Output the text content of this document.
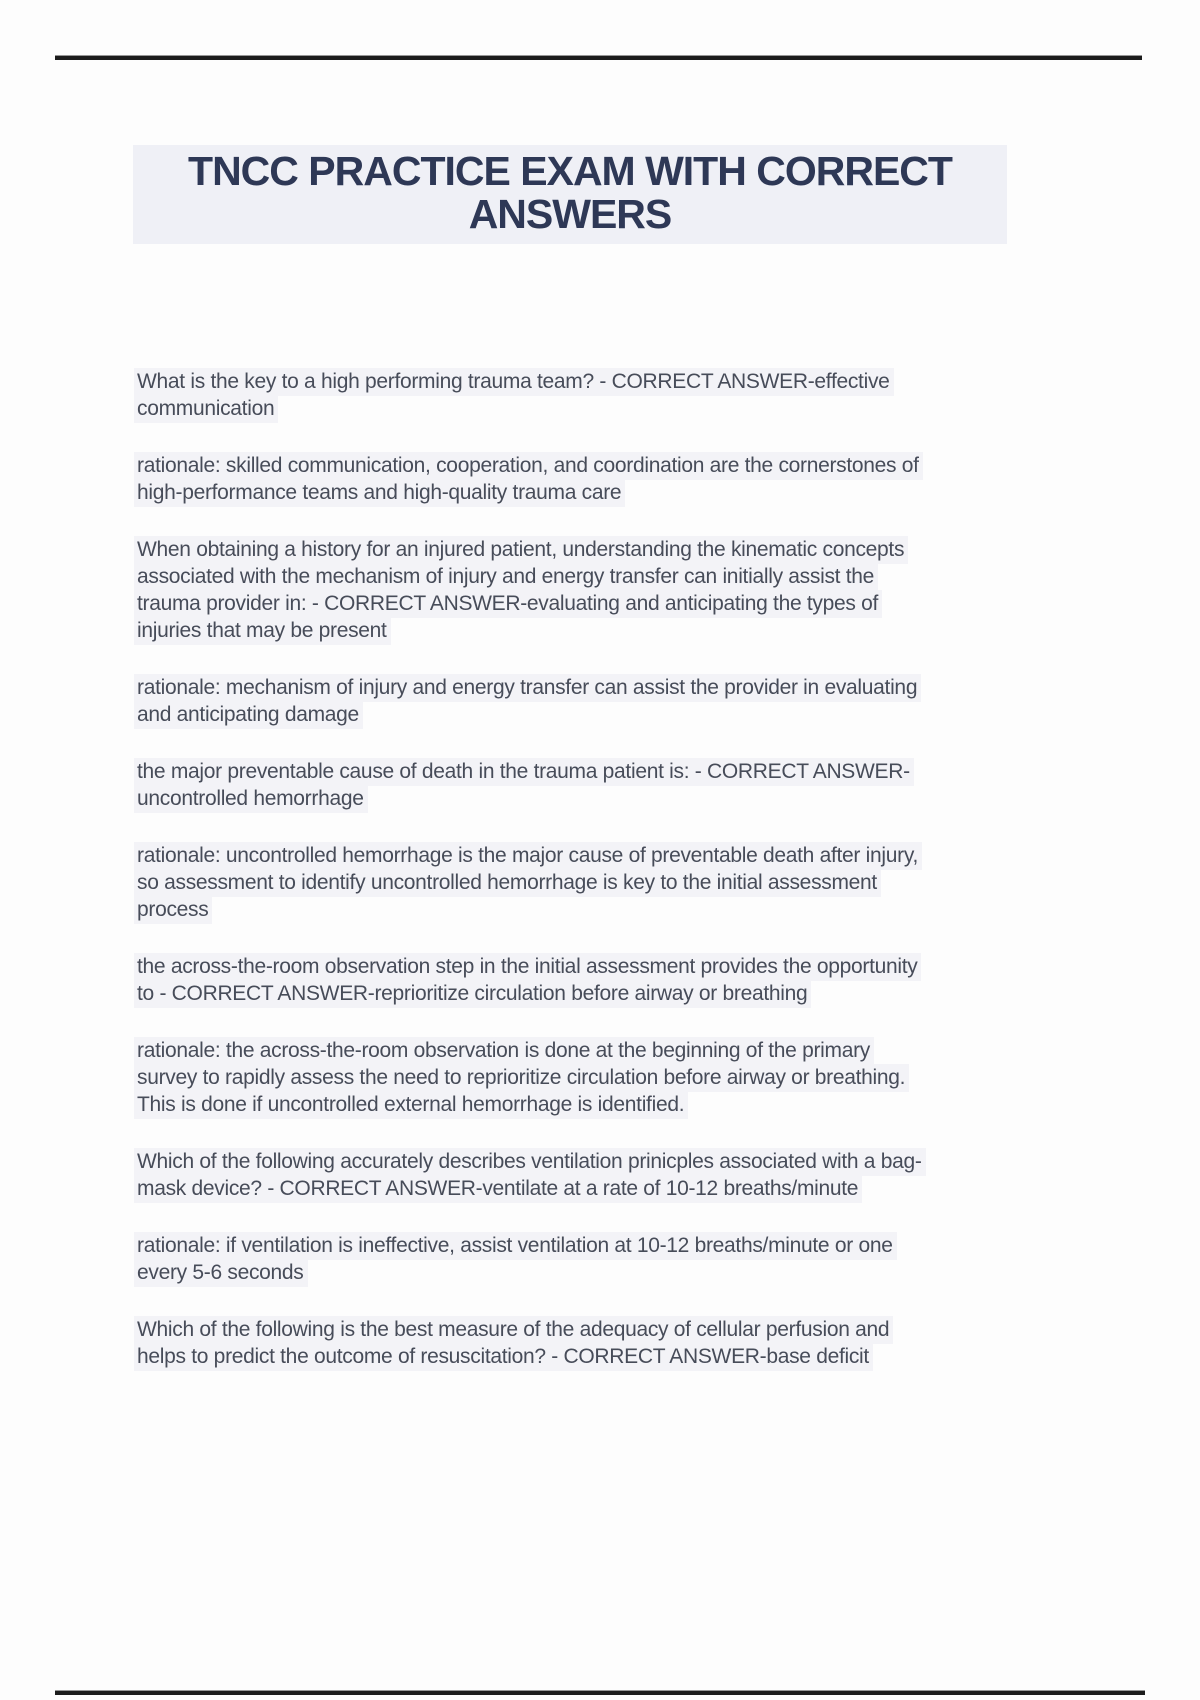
TNCC PRACTICE EXAM WITH CORRECT
ANSWERS
What is the key to a high performing trauma team? - CORRECT ANSWER-effective
communication
rationale: skilled communication, cooperation, and coordination are the cornerstones of
high-performance teams and high-quality trauma care
When obtaining a history for an injured patient, understanding the kinematic concepts
associated with the mechanism of injury and energy transfer can initially assist the
trauma provider in: - CORRECT ANSWER-evaluating and anticipating the types of
injuries that may be present
rationale: mechanism of injury and energy transfer can assist the provider in evaluating
and anticipating damage
the major preventable cause of death in the trauma patient is: - CORRECT ANSWER-
uncontrolled hemorrhage
rationale: uncontrolled hemorrhage is the major cause of preventable death after injury,
so assessment to identify uncontrolled hemorrhage is key to the initial assessment
process
the across-the-room observation step in the initial assessment provides the opportunity
to - CORRECT ANSWER-reprioritize circulation before airway or breathing
rationale: the across-the-room observation is done at the beginning of the primary
survey to rapidly assess the need to reprioritize circulation before airway or breathing.
This is done if uncontrolled external hemorrhage is identified.
Which of the following accurately describes ventilation prinicples associated with a bag-
mask device? - CORRECT ANSWER-ventilate at a rate of 10-12 breaths/minute
rationale: if ventilation is ineffective, assist ventilation at 10-12 breaths/minute or one
every 5-6 seconds
Which of the following is the best measure of the adequacy of cellular perfusion and
helps to predict the outcome of resuscitation? - CORRECT ANSWER-base deficit
